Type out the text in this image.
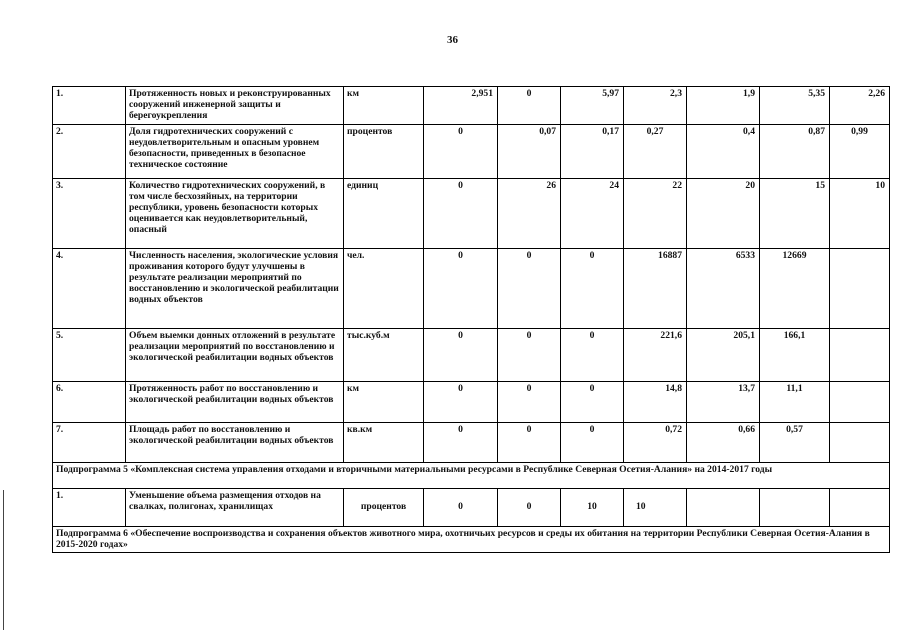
36
1.	Протяженность новых и реконструированных сооружений инженерной защиты и берегоукрепления	км	2,951	0	5,97	2,3	1,9	5,35	2,26
2.	Доля гидротехнических сооружений с неудовлетворительным и опасным уровнем безопасности, приведенных в безопасное техническое состояние	процентов	0	0,07	0,17	0,27	0,4	0,87	0,99
3.	Количество гидротехнических сооружений, в том числе бесхозяйных, на территории республики, уровень безопасности которых оценивается как неудовлетворительный, опасный	единиц	0	26	24	22	20	15	10
4.	Численность населения, экологические условия проживания которого будут улучшены в результате реализации мероприятий по восстановлению и экологической реабилитации водных объектов	чел.	0	0	0	16887	6533	12669	
5.	Объем выемки донных отложений в результате реализации мероприятий по восстановлению и экологической реабилитации водных объектов	тыс.куб.м	0	0	0	221,6	205,1	166,1	
6.	Протяженность работ по восстановлению и экологической реабилитации водных объектов	км	0	0	0	14,8	13,7	11,1	
7.	Площадь работ по восстановлению и экологической реабилитации водных объектов	кв.км	0	0	0	0,72	0,66	0,57	
Подпрограмма 5 «Комплексная система управления отходами и вторичными материальными ресурсами в Республике Северная Осетия-Алания» на 2014-2017 годы									
1.	Уменьшение объема размещения отходов на свалках, полигонах, хранилищах	процентов	0	0	10	10			
Подпрограмма 6 «Обеспечение воспроизводства и сохранения объектов животного мира, охотничьих ресурсов и среды их обитания на территории Республики Северная Осетия-Алания в 2015-2020 годах»									
